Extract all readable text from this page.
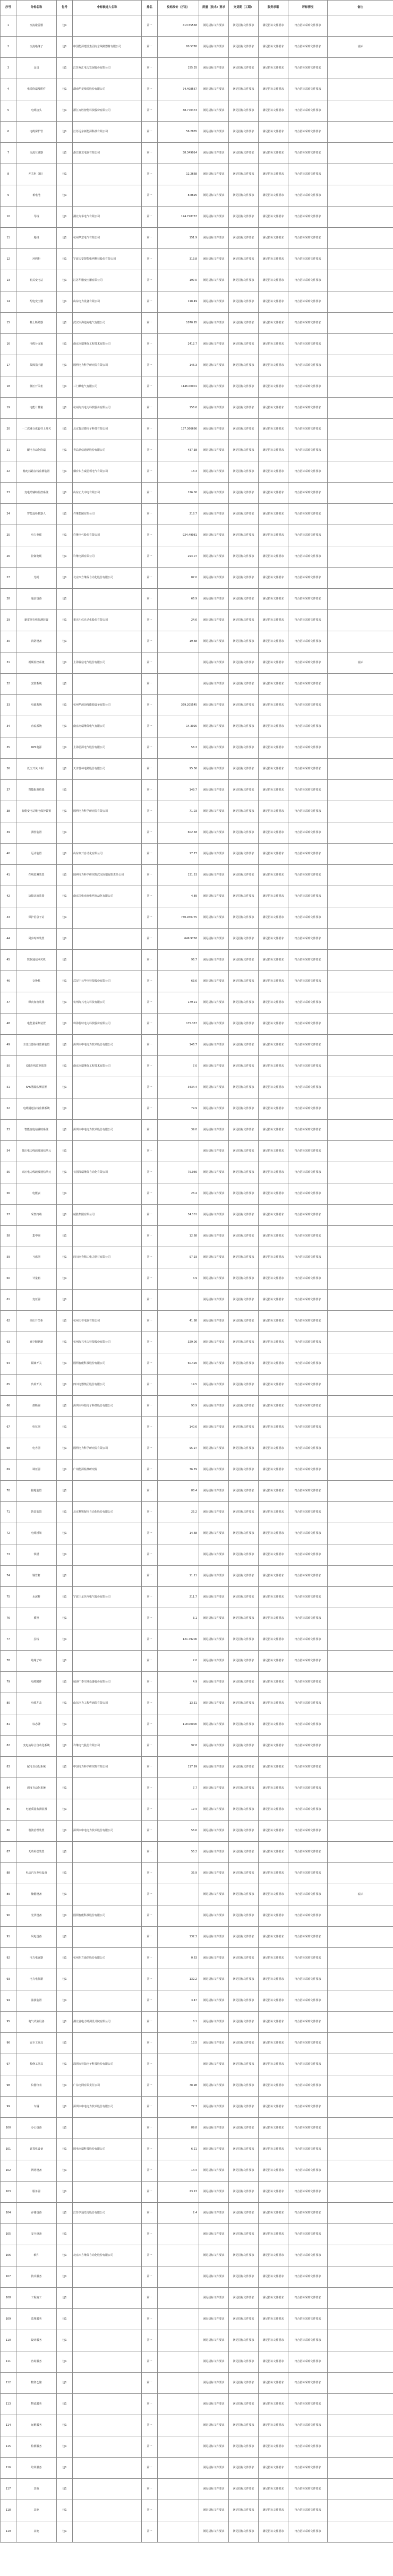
序号	分标名称	包号	中标候选人名称	排名	投标报价（万元）	质量（技术）要求	交货期（工期）	服务承诺	评标情况	备注
1	交流避雷器	包1		第一	413.55558	满足招标文件要求	满足招标文件要求	满足招标文件要求	符合招标采购文件要求	
2	交流绝缘子	包1	中国能源建设集团南京线路器材有限公司	第一	80.5776	满足招标文件要求	满足招标文件要求	满足招标文件要求	符合招标采购文件要求	流标
3	金具	包1	江苏双汇电力发展股份有限公司	第一	155.35	满足招标文件要求	满足招标文件要求	满足招标文件要求	符合招标采购文件要求	
4	电缆终端及附件	包1	湖南华菱线缆股份有限公司	第一	74.408567	满足招标文件要求	满足招标文件要求	满足招标文件要求	符合招标采购文件要求	
5	电缆接头	包1	浙江万胜智能科技股份有限公司	第一	38.770473	满足招标文件要求	满足招标文件要求	满足招标文件要求	符合招标采购文件要求	
6	电缆保护管	包1	江苏远东新能源科技有限公司	第一	56.2865	满足招标文件要求	满足招标文件要求	满足招标文件要求	符合招标采购文件要求	
7	交流互感器	包1	浙江腾龙电器有限公司	第一	38.349014	满足招标文件要求	满足招标文件要求	满足招标文件要求	符合招标采购文件要求	
8	开关柜（箱）	包1		第一	12.2668	满足招标文件要求	满足招标文件要求	满足招标文件要求	符合招标采购文件要求	
9	蓄电池	包1		第一	8.8695	满足招标文件要求	满足招标文件要求	满足招标文件要求	符合招标采购文件要求	
10	导线	包1	湖北九华电气有限公司	第一	174.728767	满足招标文件要求	满足招标文件要求	满足招标文件要求	符合招标采购文件要求	
11	地线	包1	杭州华意电气有限公司	第一	151.9	满足招标文件要求	满足招标文件要求	满足招标文件要求	符合招标采购文件要求	
12	环网柜	包1	宁波天安智能电网科技股份有限公司	第一	313.8	满足招标文件要求	满足招标文件要求	满足招标文件要求	符合招标采购文件要求	
13	箱式变电站	包1	江苏华鹏变压器有限公司	第一	197.0	满足招标文件要求	满足招标文件要求	满足招标文件要求	符合招标采购文件要求	
14	配电变压器	包1	山东电力设备有限公司	第一	118.49	满足招标文件要求	满足招标文件要求	满足招标文件要求	符合招标采购文件要求	
15	柱上断路器	包1	武汉市海迪克电气有限公司	第一	1070.95	满足招标文件要求	满足招标文件要求	满足招标文件要求	符合招标采购文件要求	
16	电缆分支箱	包1	南京南瑞继保工程技术有限公司	第一	2412.7	满足招标文件要求	满足招标文件要求	满足招标文件要求	符合招标采购文件要求	
17	故障指示器	包1	国网电力科学研究院有限公司	第一	146.3	满足招标文件要求	满足招标文件要求	满足招标文件要求	符合招标采购文件要求	
18	低压开关柜	包1	三门峡电气有限公司	第一	1146.00001	满足招标文件要求	满足招标文件要求	满足招标文件要求	符合招标采购文件要求	
19	电能计量箱	包1	杭州海兴电力科技股份有限公司	第一	156.6	满足招标文件要求	满足招标文件要求	满足招标文件要求	符合招标采购文件要求	
20	一二次融合成套柱上开关	包1	北京智芯微电子科技有限公司	第一	137.366666	满足招标文件要求	满足招标文件要求	满足招标文件要求	符合招标采购文件要求	
21	配电自动化终端	包1	青岛鼎信通讯股份有限公司	第一	437.38	满足招标文件要求	满足招标文件要求	满足招标文件要求	符合招标采购文件要求	
22	输电线路在线监测装置	包1	烟台东方威思顿电气有限公司	第一	13.3	满足招标文件要求	满足招标文件要求	满足招标文件要求	符合招标采购文件要求	
23	变电站辅助监控系统	包1	山东正大中电有限公司	第一	126.00	满足招标文件要求	满足招标文件要求	满足招标文件要求	符合招标采购文件要求	
24	智能巡检机器人	包1	许继集团有限公司	第一	218.7	满足招标文件要求	满足招标文件要求	满足招标文件要求	符合招标采购文件要求	
25	电力电缆	包1	许继电气股份有限公司	第一	924.49081	满足招标文件要求	满足招标文件要求	满足招标文件要求	符合招标采购文件要求	
26	控制电缆	包1	许继电源有限公司	第一	294.07	满足招标文件要求	满足招标文件要求	满足招标文件要求	符合招标采购文件要求	
27	光缆	包1	北京四方继保自动化股份有限公司	第一	87.0	满足招标文件要求	满足招标文件要求	满足招标文件要求	符合招标采购文件要求	
28	通信设备	包1		第一	66.9	满足招标文件要求	满足招标文件要求	满足招标文件要求	符合招标采购文件要求	
29	避雷器在线监测装置	包1	重庆川仪自动化股份有限公司	第一	24.6	满足招标文件要求	满足招标文件要求	满足招标文件要求	符合招标采购文件要求	
30	消防设备	包1		第一	19.68	满足招标文件要求	满足招标文件要求	满足招标文件要求	符合招标采购文件要求	
31	视频监控系统	包1	上海置信电气股份有限公司	第一		满足招标文件要求	满足招标文件要求	满足招标文件要求	符合招标采购文件要求	流标
32	安防系统	包1		第一		满足招标文件要求	满足招标文件要求	满足招标文件要求	符合招标采购文件要求	
33	电源系统	包1	杭州华源前线能源设备有限公司	第一	369.205545	满足招标文件要求	满足招标文件要求	满足招标文件要求	符合招标采购文件要求	
34	直流系统	包1	南京南瑞继保电气有限公司	第一	14.3025	满足招标文件要求	满足招标文件要求	满足招标文件要求	符合招标采购文件要求	
35	UPS电源	包1	上海思源电气股份有限公司	第一	58.3	满足招标文件要求	满足招标文件要求	满足招标文件要求	符合招标采购文件要求	
36	低压开关（柜）	包1	天津普林电路股份有限公司	第一	95.36	满足招标文件要求	满足招标文件要求	满足招标文件要求	符合招标采购文件要求	
37	智能配电终端	包1		第一	149.7	满足招标文件要求	满足招标文件要求	满足招标文件要求	符合招标采购文件要求	
38	智能变电站继电保护装置	包1	国网电力科学研究院有限公司	第一	71.03	满足招标文件要求	满足招标文件要求	满足招标文件要求	符合招标采购文件要求	
39	测控装置	包1		第一	602.58	满足招标文件要求	满足招标文件要求	满足招标文件要求	符合招标采购文件要求	
40	远动装置	包1	山东泰开自动化有限公司	第一	17.77	满足招标文件要求	满足招标文件要求	满足招标文件要求	符合招标采购文件要求	
41	在线监测装置	包1	国网电力科学研究院武汉南瑞有限责任公司	第一	131.53	满足招标文件要求	满足招标文件要求	满足招标文件要求	符合招标采购文件要求	
42	故障录波装置	包1	南京国电南自电网自动化有限公司	第一	4.89	满足招标文件要求	满足招标文件要求	满足招标文件要求	符合招标采购文件要求	
43	保护信息子站	包1		第一	750.940775	满足招标文件要求	满足招标文件要求	满足招标文件要求	符合招标采购文件要求	
44	同步时钟装置	包1		第一	649.9758	满足招标文件要求	满足招标文件要求	满足招标文件要求	符合招标采购文件要求	
45	数据通信网关机	包1		第一	96.7	满足招标文件要求	满足招标文件要求	满足招标文件要求	符合招标采购文件要求	
46	交换机	包1	武汉中元华电科技股份有限公司	第一	63.6	满足招标文件要求	满足招标文件要求	满足招标文件要求	符合招标采购文件要求	
47	纵向加密装置	包1	杭州海兴电力科技有限公司	第一	179.21	满足招标文件要求	满足招标文件要求	满足招标文件要求	符合招标采购文件要求	
48	电能量采集装置	包1	珠海优特电力科技股份有限公司	第一	175.357	满足招标文件要求	满足招标文件要求	满足招标文件要求	符合招标采购文件要求	
49	主变压器在线监测装置	包1	深圳市中电电力技术股份有限公司	第一	146.7	满足招标文件要求	满足招标文件要求	满足招标文件要求	符合招标采购文件要求	
50	GIS在线监测装置	包1	南京南瑞继保工程技术有限公司	第一	7.0	满足招标文件要求	满足招标文件要求	满足招标文件要求	符合招标采购文件要求	
51	SF6泄漏监测装置	包1		第一	3434.4	满足招标文件要求	满足招标文件要求	满足招标文件要求	符合招标采购文件要求	
52	电缆隧道在线监测系统	包1		第一	79.9	满足招标文件要求	满足招标文件要求	满足招标文件要求	符合招标采购文件要求	
53	智能变电站辅助系统	包1	深圳市中电电力技术股份有限公司	第一	39.0	满足招标文件要求	满足招标文件要求	满足招标文件要求	符合招标采购文件要求	
54	低压电力线载波通信单元	包1		第一		满足招标文件要求	满足招标文件要求	满足招标文件要求	符合招标采购文件要求	
55	高压电力线载波通信单元	包1	长园深瑞继保自动化有限公司	第一	75.066	满足招标文件要求	满足招标文件要求	满足招标文件要求	符合招标采购文件要求	
56	电能表	包1		第一	23.4	满足招标文件要求	满足招标文件要求	满足招标文件要求	符合招标采购文件要求	
57	采集终端	包1	威胜集团有限公司	第一	34.101	满足招标文件要求	满足招标文件要求	满足招标文件要求	符合招标采购文件要求	
58	集中器	包1		第一	12.68	满足招标文件要求	满足招标文件要求	满足招标文件要求	符合招标采购文件要求	
59	互感器	包1	四川南充精工电力器材有限公司	第一	97.93	满足招标文件要求	满足招标文件要求	满足招标文件要求	符合招标采购文件要求	
60	计量箱	包1		第一	4.9	满足招标文件要求	满足招标文件要求	满足招标文件要求	符合招标采购文件要求	
61	变压器	包1		第一		满足招标文件要求	满足招标文件要求	满足招标文件要求	符合招标采购文件要求	
62	高压开关柜	包1	杭州天誉电器有限公司	第一	41.88	满足招标文件要求	满足招标文件要求	满足招标文件要求	符合招标采购文件要求	
63	真空断路器	包1	杭州海兴电力科技股份有限公司	第一	329.06	满足招标文件要求	满足招标文件要求	满足招标文件要求	符合招标采购文件要求	
64	隔离开关	包1	国网智能科技股份有限公司	第一	60.426	满足招标文件要求	满足招标文件要求	满足招标文件要求	符合招标采购文件要求	
65	负荷开关	包1	四川电器集团股份有限公司	第一	14.5	满足招标文件要求	满足招标文件要求	满足招标文件要求	符合招标采购文件要求	
66	熔断器	包1	深圳市科陆电子科技股份有限公司	第一	90.9	满足招标文件要求	满足招标文件要求	满足招标文件要求	符合招标采购文件要求	
67	电抗器	包1		第一	140.6	满足招标文件要求	满足招标文件要求	满足招标文件要求	符合招标采购文件要求	
68	电容器	包1	国网电力科学研究院有限公司	第一	95.97	满足招标文件要求	满足招标文件要求	满足招标文件要求	符合招标采购文件要求	
69	调压器	包1	广州能源检测研究院	第一	76.79	满足招标文件要求	满足招标文件要求	满足招标文件要求	符合招标采购文件要求	
70	接地装置	包1		第一	88.4	满足招标文件要求	满足招标文件要求	满足招标文件要求	符合招标采购文件要求	
71	防雷装置	包1	北京科锐配电自动化股份有限公司	第一	25.2	满足招标文件要求	满足招标文件要求	满足招标文件要求	符合招标采购文件要求	
72	电缆桥架	包1		第一	14.68	满足招标文件要求	满足招标文件要求	满足招标文件要求	符合招标采购文件要求	
73	铁塔	包1		第一		满足招标文件要求	满足招标文件要求	满足招标文件要求	符合招标采购文件要求	
74	钢管杆	包1		第一	11.11	满足招标文件要求	满足招标文件要求	满足招标文件要求	符合招标采购文件要求	
75	水泥杆	包1	宁波三星医疗电气股份有限公司	第一	211.7	满足招标文件要求	满足招标文件要求	满足招标文件要求	符合招标采购文件要求	
76	横担	包1		第一	3.1	满足招标文件要求	满足招标文件要求	满足招标文件要求	符合招标采购文件要求	
77	拉线	包1		第一	121.79206	满足招标文件要求	满足招标文件要求	满足招标文件要求	符合招标采购文件要求	
78	绝缘子串	包1		第一	2.0	满足招标文件要求	满足招标文件要求	满足招标文件要求	符合招标采购文件要求	
79	电缆附件	包1	威海广泰空港设备股份有限公司	第一	4.9	满足招标文件要求	满足招标文件要求	满足招标文件要求	符合招标采购文件要求	
80	电缆井盖	包1	山东电力工程咨询院有限公司	第一	13.31	满足招标文件要求	满足招标文件要求	满足招标文件要求	符合招标采购文件要求	
81	标志牌	包1		第一	118.00000	满足招标文件要求	满足招标文件要求	满足招标文件要求	符合招标采购文件要求	
82	变电站综合自动化系统	包1	许继电气股份有限公司	第一	97.8	满足招标文件要求	满足招标文件要求	满足招标文件要求	符合招标采购文件要求	
83	配电自动化系统	包1	中国电力科学研究院有限公司	第一	117.99	满足招标文件要求	满足招标文件要求	满足招标文件要求	符合招标采购文件要求	
84	调度自动化系统	包1		第一	7.7	满足招标文件要求	满足招标文件要求	满足招标文件要求	符合招标采购文件要求	
85	电能质量监测装置	包1		第一	17.4	满足招标文件要求	满足招标文件要求	满足招标文件要求	符合招标采购文件要求	
86	谐波治理装置	包1	深圳市中电电力技术股份有限公司	第一	56.6	满足招标文件要求	满足招标文件要求	满足招标文件要求	符合招标采购文件要求	
87	无功补偿装置	包1		第一	55.2	满足招标文件要求	满足招标文件要求	满足招标文件要求	符合招标采购文件要求	
88	电动汽车充电设备	包1		第一	35.9	满足招标文件要求	满足招标文件要求	满足招标文件要求	符合招标采购文件要求	
89	储能设备	包1		第一		满足招标文件要求	满足招标文件要求	满足招标文件要求	符合招标采购文件要求	流标
90	光伏设备	包1	国网智能科技股份有限公司	第一		满足招标文件要求	满足招标文件要求	满足招标文件要求	符合招标采购文件要求	
91	风电设备	包1		第一	132.3	满足招标文件要求	满足招标文件要求	满足招标文件要求	符合招标采购文件要求	
92	电力电容器	包1	杭州东方通信股份有限公司	第一	0.63	满足招标文件要求	满足招标文件要求	满足招标文件要求	符合招标采购文件要求	
93	电力电抗器	包1		第一	132.2	满足招标文件要求	满足招标文件要求	满足招标文件要求	符合招标采购文件要求	
94	滤波装置	包1		第一	3.47	满足招标文件要求	满足招标文件要求	满足招标文件要求	符合招标采购文件要求	
95	电气试验设备	包1	湖北省电力勘测设计院有限公司	第一	8.1	满足招标文件要求	满足招标文件要求	满足招标文件要求	符合招标采购文件要求	
96	安全工器具	包1		第一	13.5	满足招标文件要求	满足招标文件要求	满足招标文件要求	符合招标采购文件要求	
97	检修工器具	包1	深圳市科陆电子科技股份有限公司	第一		满足招标文件要求	满足招标文件要求	满足招标文件要求	符合招标采购文件要求	
98	仪器仪表	包1	广东电网有限责任公司	第一	78.98	满足招标文件要求	满足招标文件要求	满足招标文件要求	符合招标采购文件要求	
99	车辆	包1	深圳市中电电力技术股份有限公司	第一	77.7	满足招标文件要求	满足招标文件要求	满足招标文件要求	符合招标采购文件要求	
100	办公设备	包1		第一	89.8	满足招标文件要求	满足招标文件要求	满足招标文件要求	符合招标采购文件要求	
101	计算机设备	包1	国电南瑞科技股份有限公司	第一	6.21	满足招标文件要求	满足招标文件要求	满足招标文件要求	符合招标采购文件要求	
102	网络设备	包1		第一	14.4	满足招标文件要求	满足招标文件要求	满足招标文件要求	符合招标采购文件要求	
103	服务器	包1		第一	23.13	满足招标文件要求	满足招标文件要求	满足招标文件要求	符合招标采购文件要求	
104	存储设备	包1	江苏亨通光电股份有限公司	第一	2.4	满足招标文件要求	满足招标文件要求	满足招标文件要求	符合招标采购文件要求	
105	安全设备	包1		第一		满足招标文件要求	满足招标文件要求	满足招标文件要求	符合招标采购文件要求	
106	软件	包1	北京四方继保自动化股份有限公司	第一		满足招标文件要求	满足招标文件要求	满足招标文件要求	符合招标采购文件要求	
107	技术服务	包1		第一		满足招标文件要求	满足招标文件要求	满足招标文件要求	符合招标采购文件要求	
108	工程施工	包1		第一		满足招标文件要求	满足招标文件要求	满足招标文件要求	符合招标采购文件要求	
109	监理服务	包1		第一		满足招标文件要求	满足招标文件要求	满足招标文件要求	符合招标采购文件要求	
110	设计服务	包1		第一		满足招标文件要求	满足招标文件要求	满足招标文件要求	符合招标采购文件要求	
111	咨询服务	包1		第一		满足招标文件要求	满足招标文件要求	满足招标文件要求	符合招标采购文件要求	
112	物资仓储	包1		第一		满足招标文件要求	满足招标文件要求	满足招标文件要求	符合招标采购文件要求	
113	物流服务	包1		第一		满足招标文件要求	满足招标文件要求	满足招标文件要求	符合招标采购文件要求	
114	运维服务	包1		第一		满足招标文件要求	满足招标文件要求	满足招标文件要求	符合招标采购文件要求	
115	检测服务	包1		第一		满足招标文件要求	满足招标文件要求	满足招标文件要求	符合招标采购文件要求	
116	培训服务	包1		第一		满足招标文件要求	满足招标文件要求	满足招标文件要求	符合招标采购文件要求	
117	其他	包1		第一		满足招标文件要求	满足招标文件要求	满足招标文件要求	符合招标采购文件要求	
118	其他	包1		第一		满足招标文件要求	满足招标文件要求	满足招标文件要求	符合招标采购文件要求	
119	其他	包1		第一		满足招标文件要求	满足招标文件要求	满足招标文件要求	符合招标采购文件要求	
